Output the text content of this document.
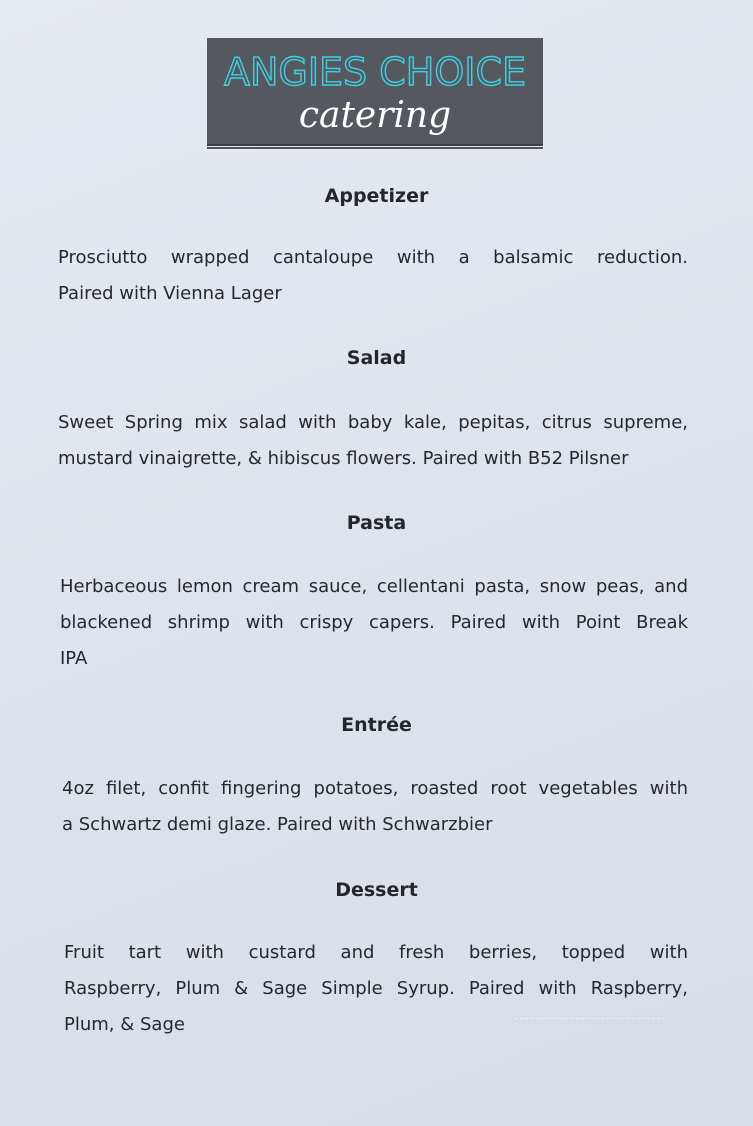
ANGIES CHOICE
catering
Appetizer
Prosciutto wrapped cantaloupe with a balsamic reduction.
Paired with Vienna Lager
Salad
Sweet Spring mix salad with baby kale, pepitas, citrus supreme,
mustard vinaigrette, & hibiscus flowers. Paired with B52 Pilsner
Pasta
Herbaceous lemon cream sauce, cellentani pasta, snow peas, and
blackened shrimp with crispy capers. Paired with Point Break
IPA
Entrée
4oz filet, confit fingering potatoes, roasted root vegetables with
a Schwartz demi glaze. Paired with Schwarzbier
Dessert
Fruit tart with custard and fresh berries, topped with
Raspberry, Plum & Sage Simple Syrup. Paired with Raspberry,
Plum, & Sage
